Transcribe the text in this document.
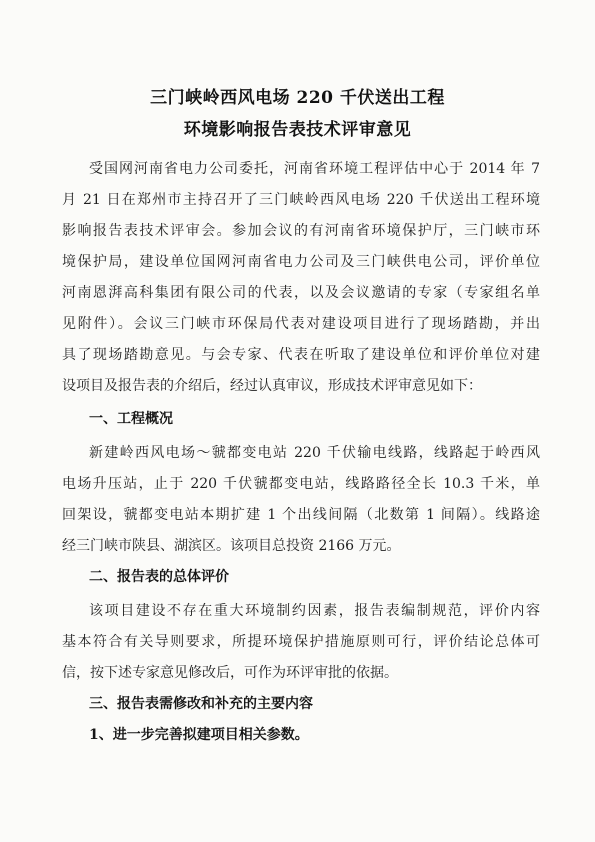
三门峡岭西风电场 220 千伏送出工程
环境影响报告表技术评审意见
受国网河南省电力公司委托，河南省环境工程评估中心于 2014 年 7
月 21 日在郑州市主持召开了三门峡岭西风电场 220 千伏送出工程环境
影响报告表技术评审会。参加会议的有河南省环境保护厅，三门峡市环
境保护局，建设单位国网河南省电力公司及三门峡供电公司，评价单位
河南恩湃高科集团有限公司的代表，以及会议邀请的专家（专家组名单
见附件）。会议三门峡市环保局代表对建设项目进行了现场踏勘，并出
具了现场踏勘意见。与会专家、代表在听取了建设单位和评价单位对建
设项目及报告表的介绍后，经过认真审议，形成技术评审意见如下：
一、工程概况
新建岭西风电场～虢都变电站 220 千伏输电线路，线路起于岭西风
电场升压站，止于 220 千伏虢都变电站，线路路径全长 10.3 千米，单
回架设，虢都变电站本期扩建 1 个出线间隔（北数第 1 间隔）。线路途
经三门峡市陕县、湖滨区。该项目总投资 2166 万元。
二、报告表的总体评价
该项目建设不存在重大环境制约因素，报告表编制规范，评价内容
基本符合有关导则要求，所提环境保护措施原则可行，评价结论总体可
信，按下述专家意见修改后，可作为环评审批的依据。
三、报告表需修改和补充的主要内容
1、进一步完善拟建项目相关参数。
